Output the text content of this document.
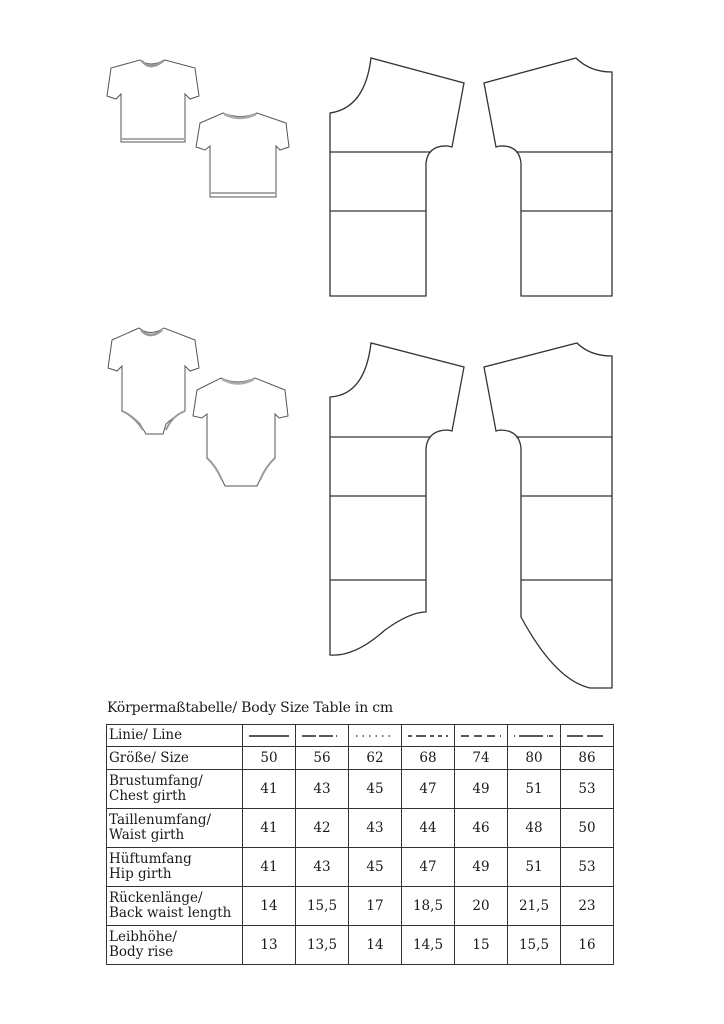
Körpermaßtabelle/ Body Size Table in cm
Linie/ Line	

Größe/ Size	50	56	62	68	74	80	86

Brustumfang/
Chest girth	41	43	45	47	49	51	53

Taillenumfang/
Waist girth	41	42	43	44	46	48	50

Hüftumfang
Hip girth	41	43	45	47	49	51	53

Rückenlänge/
Back waist length	14	15,5	17	18,5	20	21,5	23

Leibhöhe/
Body rise	13	13,5	14	14,5	15	15,5	16
